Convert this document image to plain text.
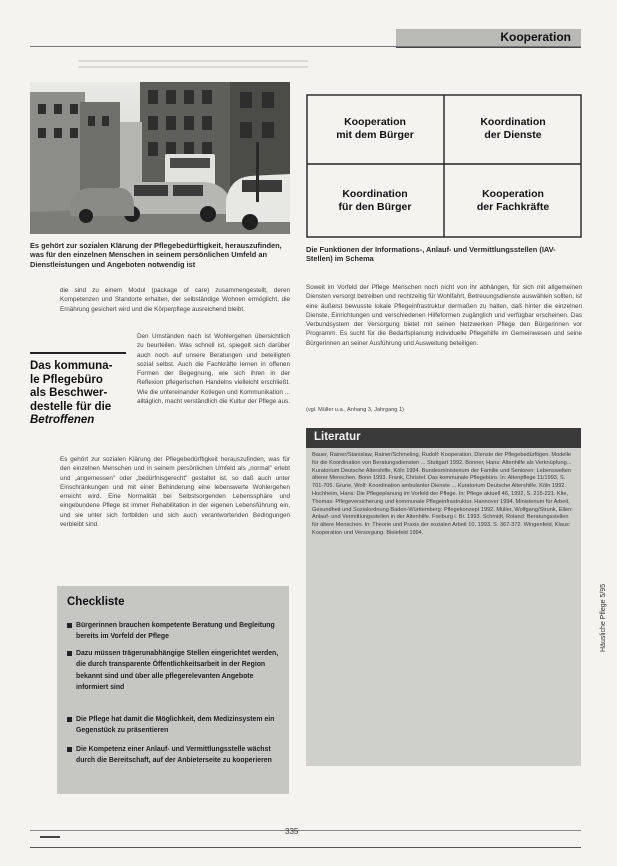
Kooperation
Es gehört zur sozialen Klärung der Pflegebedürftigkeit, herauszufinden, was für den einzelnen Menschen in seinem persönlichen Umfeld an Dienstleistungen und Angeboten notwendig ist
Kooperation
mit dem Bürger
Koordination
der Dienste
Koordination
für den Bürger
Kooperation
der Fachkräfte
Die Funktionen der Informations-, Anlauf- und Vermittlungsstellen (IAV-Stellen) im Schema
die sind zu einem Modul (package of care) zusammengestellt, deren Kompetenzen und Standorte erhalten, der selbständige Wohnen ermöglicht, die Ernährung gesichert wird und die Körperpflege ausreichend bleibt.
Das kommuna-
le Pflegebüro
als Beschwer-
destelle für die
Betroffenen
Den Umständen nach ist Wohlergehen übersichtlich zu beurteilen. Was schnell ist, spiegelt sich darüber auch noch auf unsere Beratungen und beteiligten sozial selbst. Auch die Fachkräfte lernen in offenen Formen der Begegnung, wie sich ihren in der Reflexion pflegerischen Handelns vielleicht erschließt. Wie die untereinander Kollegen und Kommunikation ... alltäglich, macht verständlich die Kultur der Pflege aus.
Es gehört zur sozialen Klärung der Pflegebedürftigkeit herauszufinden, was für den einzelnen Menschen und in seinem persönlichen Umfeld als „normal" erlebt und „angemessen" oder „bedürfnisgerecht" gestaltet ist, so daß auch unter Einschränkungen und mit einer Behinderung eine lebenswerte Wohlergehen erreicht wird. Eine Normalität bei Selbstsorgenden Lebenssphäre und eingebundene Pflege ist immer Rehabilitation in der eigenen Lebensführung ein, und sie unter sich fortbilden und sich auch verantwortenden Bedingungen verbleibt sind.
Soweit im Vorfeld der Pflege Menschen noch nicht von ihr abhängen, für sich mit allgemeinen Diensten versorgt betreiben und rechtzeitig für Wohlfahrt, Betreuungsdienste auswählen sollten, ist eine äußerst bewusste lokale Pflegeinfrastruktur dermaßen zu halten, daß hinter die einzelnen Dienste, Einrichtungen und verschiedenen Hilfeformen zugänglich und verfügbar erscheinen. Das Verbundsystem der Versorgung bietet mit seinen Netzwerken Pflege den Bürgerinnen vor Programm. Es sucht für die Bedarfsplanung individuelle Pflegehilfe im Gemeinwesen und seine Bürgerinnen an seiner Ausführung und Ausweitung beteiligen.
(vgl. Müller u.a., Anhang 3, Jahrgang 1)
Checkliste
Bürgerinnen brauchen kompetente Beratung und Begleitung bereits im Vorfeld der Pflege
Dazu müssen trägerunabhängige Stellen eingerichtet werden, die durch transparente Öffentlichkeitsarbeit in der Region bekannt sind und über alle pflegerelevanten Angebote informiert sind
Die Pflege hat damit die Möglichkeit, dem Medizinsystem ein Gegenstück zu präsentieren
Die Kompetenz einer Anlauf- und Vermittlungsstelle wächst durch die Bereitschaft, auf der Anbieterseite zu kooperieren
Literatur
Bauer, Rainer/Stanislaw, Rainer/Schmeling, Rudolf: Kooperation, Dienste der Pflegebedürftigen. Modelle für die Koordination von Beratungsdiensten ... Stuttgart 1992. Bonner, Hans: Altenhilfe als Verknüpfung... Kuratorium Deutsche Altershilfe, Köln 1994. Bundesministerium der Familie und Senioren: Lebenswelten älterer Menschen. Bonn 1993. Frank, Christel: Das kommunale Pflegebüro. In: Altenpflege 11/1993, S. 701-705. Grune, Wolf: Koordination ambulanter Dienste ... Kuratorium Deutsche Altershilfe. Köln 1992. Hochheim, Hans: Die Pflegeplanung im Vorfeld der Pflege. In: Pflege aktuell 46, 1992, S. 215-221. Klie, Thomas: Pflegeversicherung und kommunale Pflegeinfrastruktur. Hannover 1994. Ministerium für Arbeit, Gesundheit und Sozialordnung Baden-Württemberg: Pflegekonzept 1992. Müller, Wolfgang/Strunk, Ellen: Anlauf- und Vermittlungsstellen in der Altenhilfe. Freiburg i. Br. 1993. Schmidt, Roland: Beratungsstellen für ältere Menschen. In: Theorie und Praxis der sozialen Arbeit 10, 1993, S. 367-372. Wingenfeld, Klaus: Kooperation und Versorgung. Bielefeld 1994.
Häusliche Pflege 5/95
335
